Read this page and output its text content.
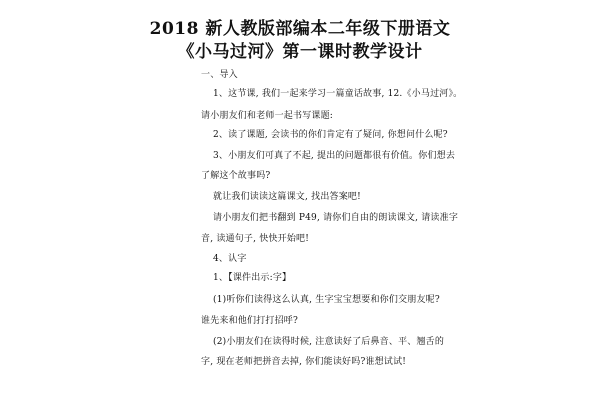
2018 新人教版部编本二年级下册语文
《小马过河》第一课时教学设计
一、导入
1、这节课, 我们一起来学习一篇童话故事, 12.《小马过河》。
请小朋友们和老师一起书写课题:
2、读了课题, 会读书的你们肯定有了疑问, 你想问什么呢?
3、小朋友们可真了不起, 提出的问题都很有价值。你们想去
了解这个故事吗?
就让我们读读这篇课文, 找出答案吧!
请小朋友们把书翻到 P49, 请你们自由的朗读课文, 请读准字
音, 读通句子, 快快开始吧!
4、认字
1、【课件出示:字】
(1)听你们读得这么认真, 生字宝宝想要和你们交朋友呢?
谁先来和他们打打招呼?
(2)小朋友们在读得时候, 注意读好了后鼻音、平、翘舌的
字, 现在老师把拼音去掉, 你们能读好吗?谁想试试!
